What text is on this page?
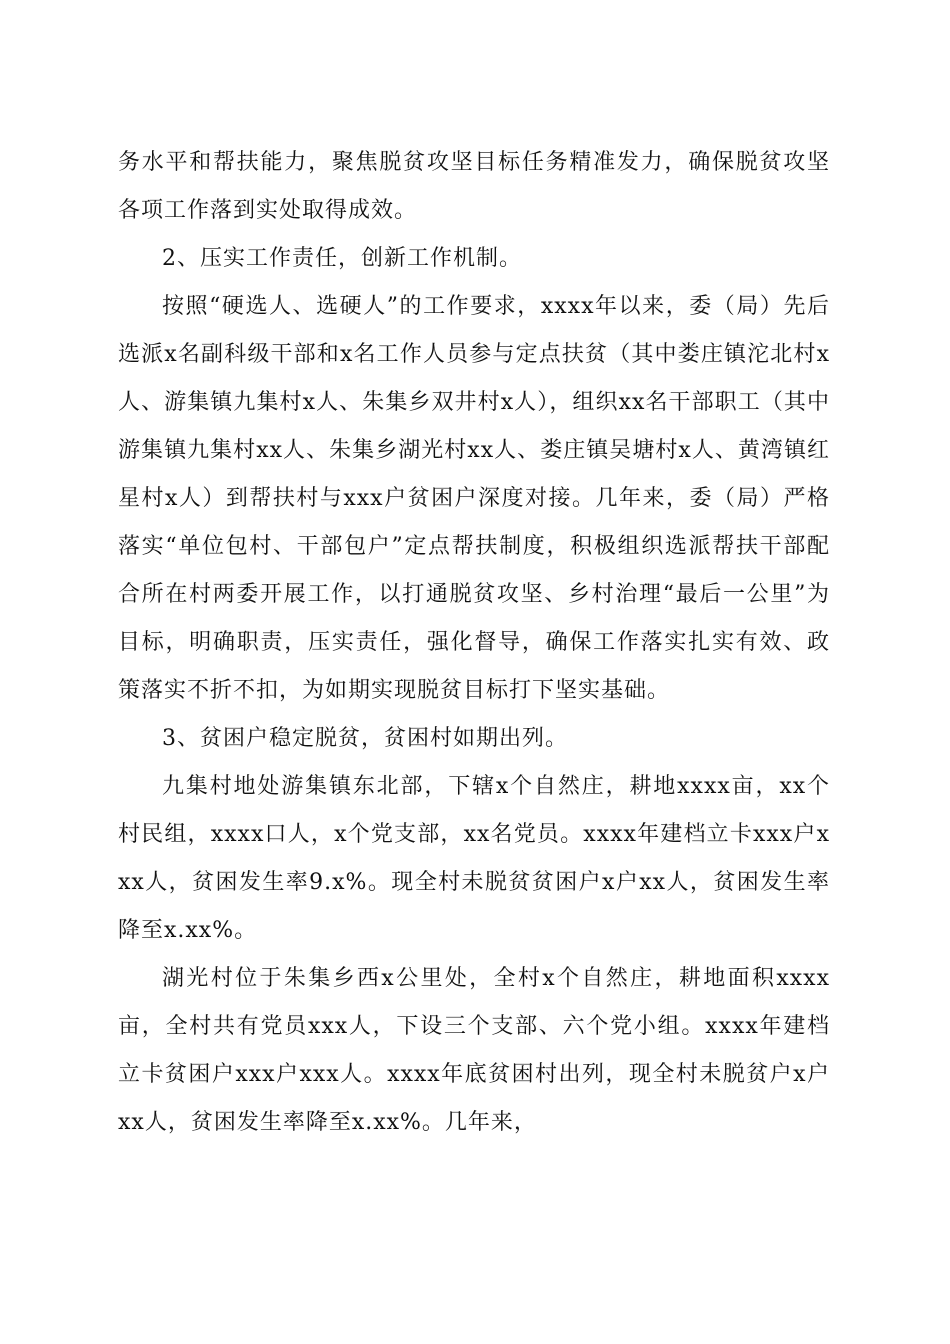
务水平和帮扶能力，聚焦脱贫攻坚目标任务精准发力，确保脱贫攻坚各项工作落到实处取得成效。

2、压实工作责任，创新工作机制。

按照“硬选人、选硬人”的工作要求，xxxx年以来，委（局）先后选派x名副科级干部和x名工作人员参与定点扶贫（其中娄庄镇沱北村x人、游集镇九集村x人、朱集乡双井村x人），组织xx名干部职工（其中游集镇九集村xx人、朱集乡湖光村xx人、娄庄镇吴塘村x人、黄湾镇红星村x人）到帮扶村与xxx户贫困户深度对接。几年来，委（局）严格落实“单位包村、干部包户”定点帮扶制度，积极组织选派帮扶干部配合所在村两委开展工作，以打通脱贫攻坚、乡村治理“最后一公里”为目标，明确职责，压实责任，强化督导，确保工作落实扎实有效、政策落实不折不扣，为如期实现脱贫目标打下坚实基础。

3、贫困户稳定脱贫，贫困村如期出列。

九集村地处游集镇东北部，下辖x个自然庄，耕地xxxx亩，xx个村民组，xxxx口人，x个党支部，xx名党员。xxxx年建档立卡xxx户xxx人，贫困发生率9.x%。现全村未脱贫贫困户x户xx人，贫困发生率降至x.xx%。

湖光村位于朱集乡西x公里处，全村x个自然庄，耕地面积xxxx亩，全村共有党员xxx人，下设三个支部、六个党小组。xxxx年建档立卡贫困户xxx户xxx人。xxxx年底贫困村出列，现全村未脱贫户x户xx人，贫困发生率降至x.xx%。几年来，
